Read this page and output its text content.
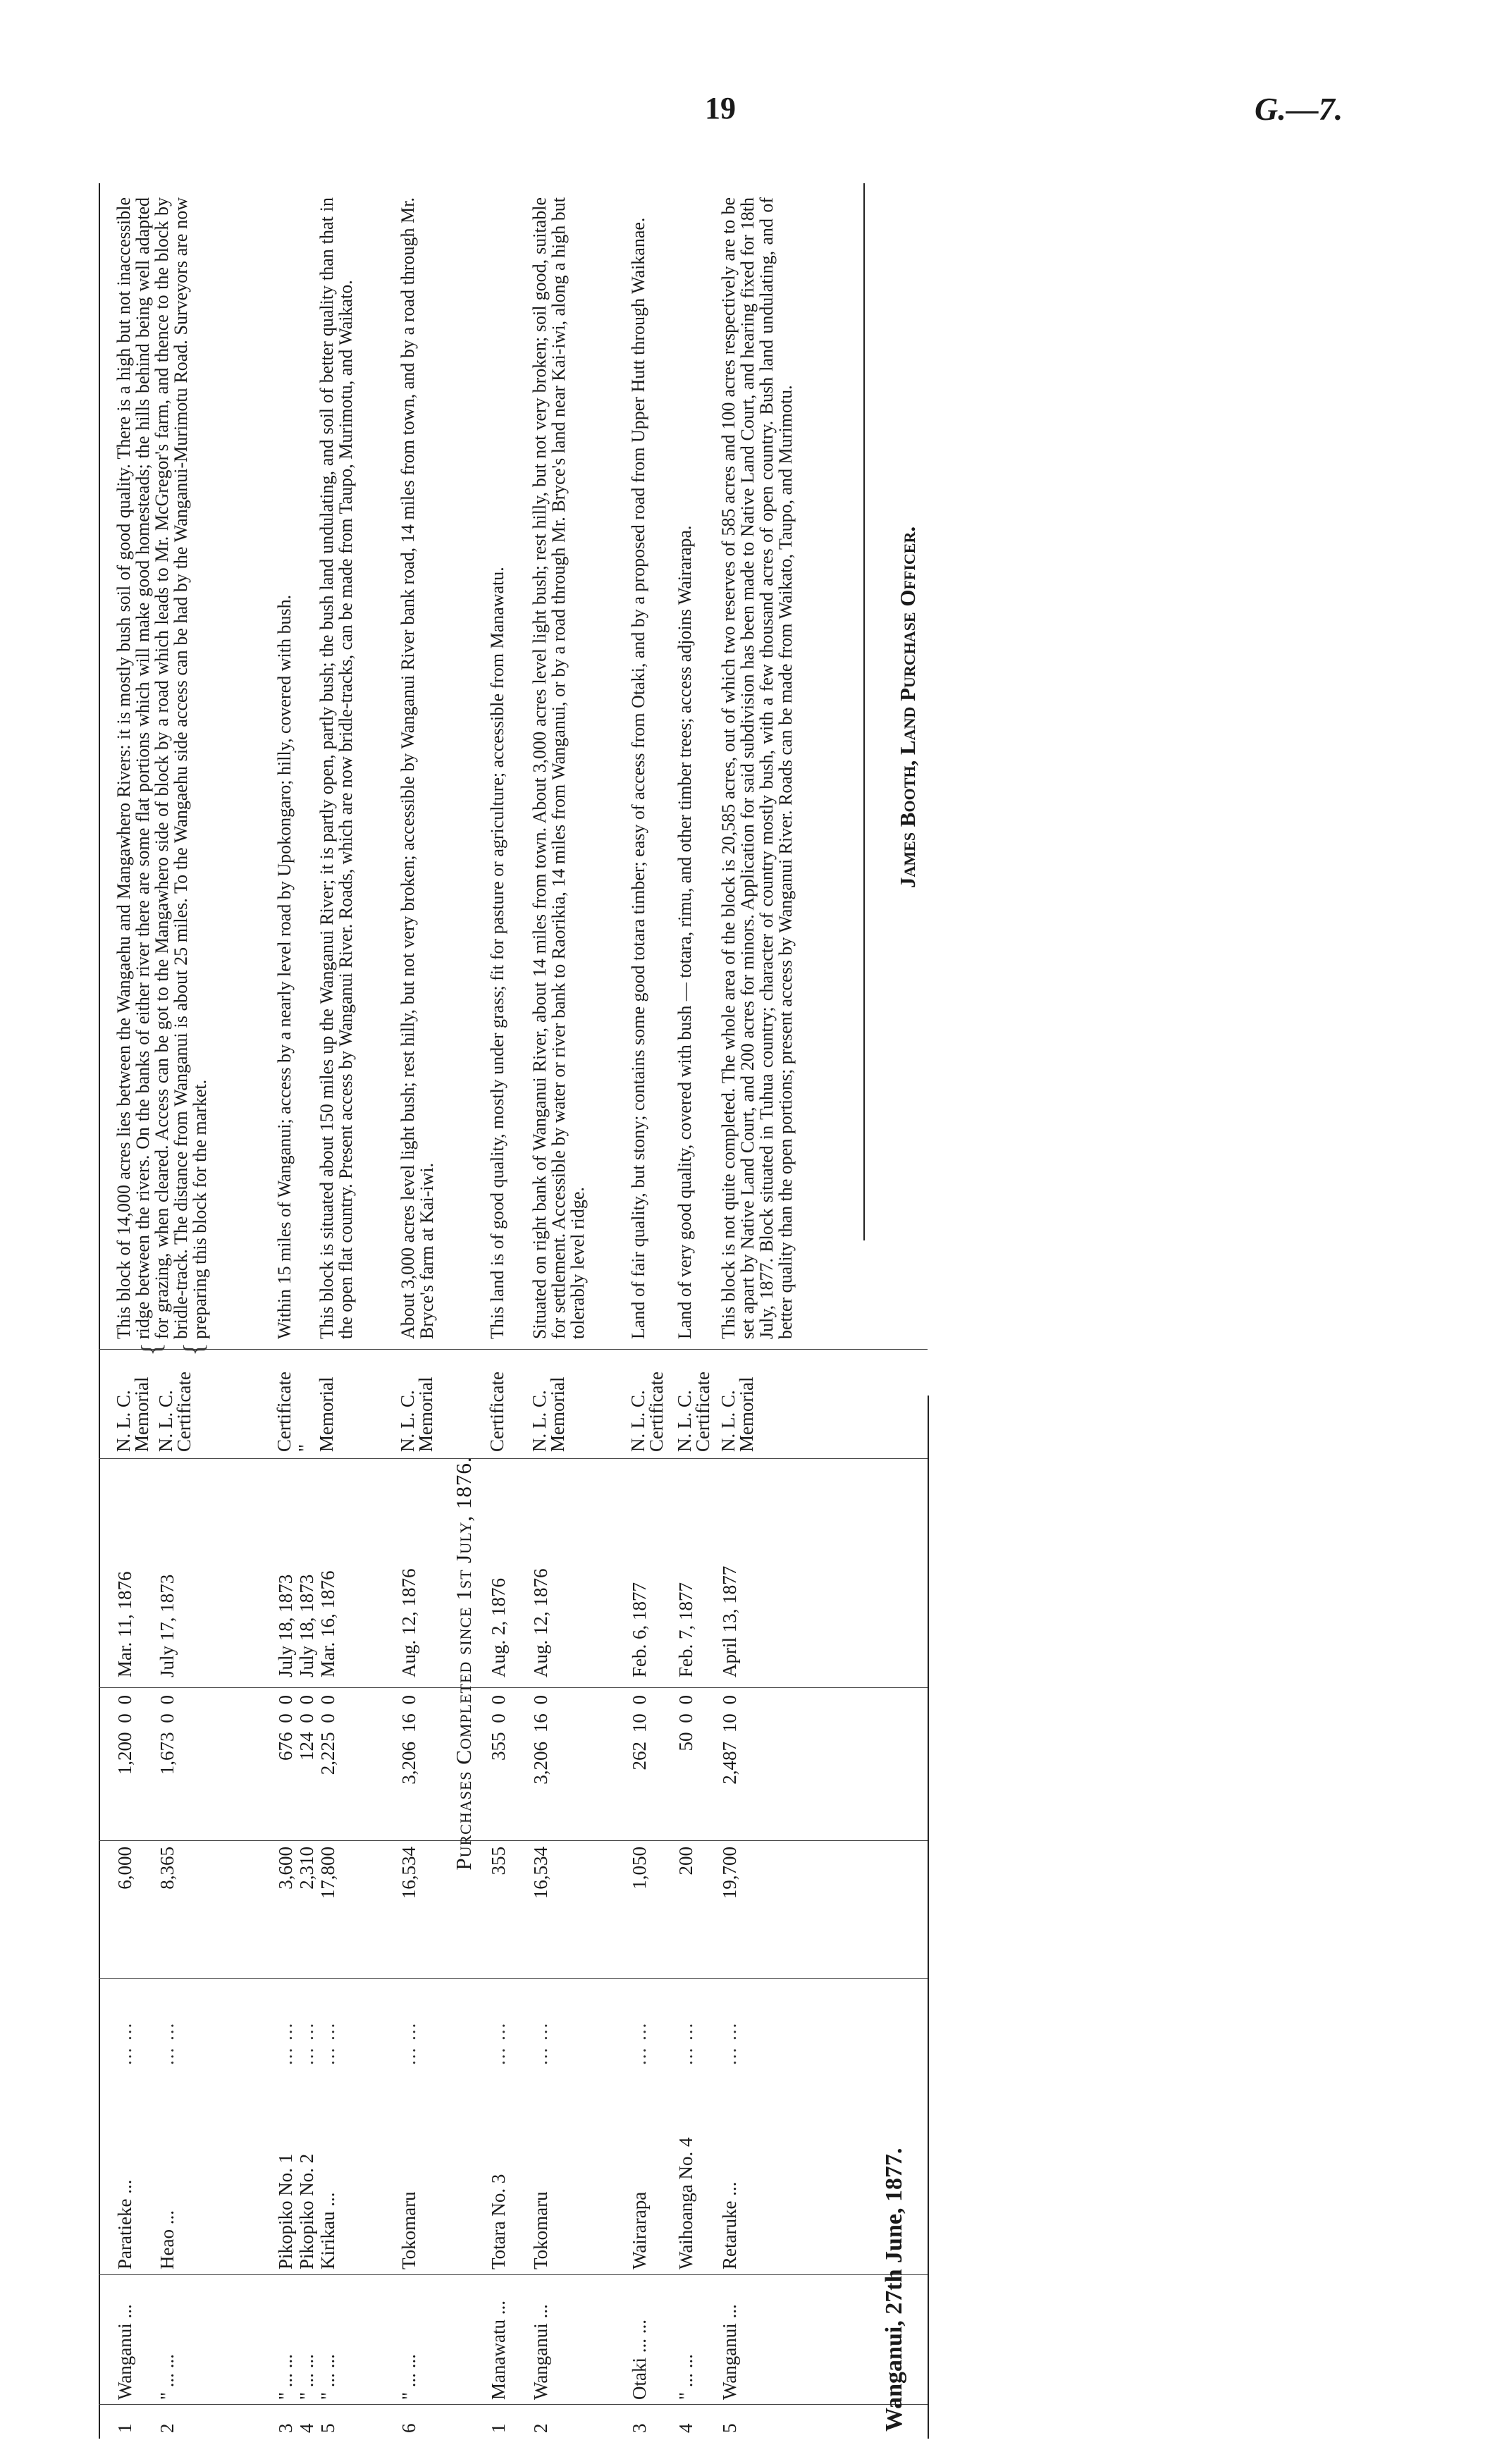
19	G.—7.
1
Wanganui ...
Paratieke ...
... ...
6,000
1,200 0 0
Mar. 11, 1876
N. L. C. Memorial
This block of 14,000 acres lies between the Wangaehu and Mangawhero Rivers: it is mostly bush soil of good quality. There is a high but not inaccessible ridge between the rivers. On the banks of either river there are some flat portions which will make good homesteads; the hills behind being well adapted for grazing, when cleared. Access can be got to the Mangawhero side of block by a road which leads to Mr. McGregor's farm, and thence to the block by bridle-track. The distance from Wanganui is about 25 miles. To the Wangaehu side access can be had by the Wanganui-Murimotu Road. Surveyors are now preparing this block for the market.
{ {
2
" ... ...
Heao ...
... ...
8,365
1,673 0 0
July 17, 1873
N. L. C. Certificate
3
" ... ...
Pikopiko No. 1
... ...
3,600
676 0 0
July 18, 1873
Certificate
Within 15 miles of Wanganui; access by a nearly level road by Upokongaro; hilly, covered with bush.
4
" ... ...
Pikopiko No. 2
... ...
2,310
124 0 0
July 18, 1873
"
5
" ... ...
Kirikau ...
... ...
17,800
2,225 0 0
Mar. 16, 1876
Memorial
This block is situated about 150 miles up the Wanganui River; it is partly open, partly bush; the bush land undulating, and soil of better quality than that in the open flat country. Present access by Wanganui River. Roads, which are now bridle-tracks, can be made from Taupo, Murimotu, and Waikato.
6
" ... ...
Tokomaru
... ...
16,534
3,206 16 0
Aug. 12, 1876
N. L. C. Memorial
About 3,000 acres level light bush; rest hilly, but not very broken; accessible by Wanganui River bank road, 14 miles from town, and by a road through Mr. Bryce's farm at Kai-iwi.
Purchases Completed since 1st July, 1876.
1
Manawatu ...
Totara No. 3
... ...
355
355 0 0
Aug. 2, 1876
Certificate
This land is of good quality, mostly under grass; fit for pasture or agriculture; accessible from Manawatu.
2
Wanganui ...
Tokomaru
... ...
16,534
3,206 16 0
Aug. 12, 1876
N. L. C. Memorial
Situated on right bank of Wanganui River, about 14 miles from town. About 3,000 acres level light bush; rest hilly, but not very broken; soil good, suitable for settlement. Accessible by water or river bank to Raorikia, 14 miles from Wanganui, or by a road through Mr. Bryce's land near Kai-iwi, along a high but tolerably level ridge.
3
Otaki ... ...
Wairarapa
... ...
1,050
262 10 0
Feb. 6, 1877
N. L. C. Certificate
Land of fair quality, but stony; contains some good totara timber; easy of access from Otaki, and by a proposed road from Upper Hutt through Waikanae.
4
" ... ...
Waihoanga No. 4
... ...
200
50 0 0
Feb. 7, 1877
N. L. C. Certificate
Land of very good quality, covered with bush — totara, rimu, and other timber trees; access adjoins Wairarapa.
5
Wanganui ...
Retaruke ...
... ...
19,700
2,487 10 0
April 13, 1877
N. L. C. Memorial
This block is not quite completed. The whole area of the block is 20,585 acres, out of which two reserves of 585 acres and 100 acres respectively are to be set apart by Native Land Court, and 200 acres for minors. Application for said subdivision has been made to Native Land Court, and hearing fixed for 18th July, 1877. Block situated in Tuhua country; character of country mostly bush, with a few thousand acres of open country. Bush land undulating, and of better quality than the open portions; present access by Wanganui River. Roads can be made from Waikato, Taupo, and Murimotu.	James Booth, Land Purchase Officer.
Wanganui, 27th June, 1877.
